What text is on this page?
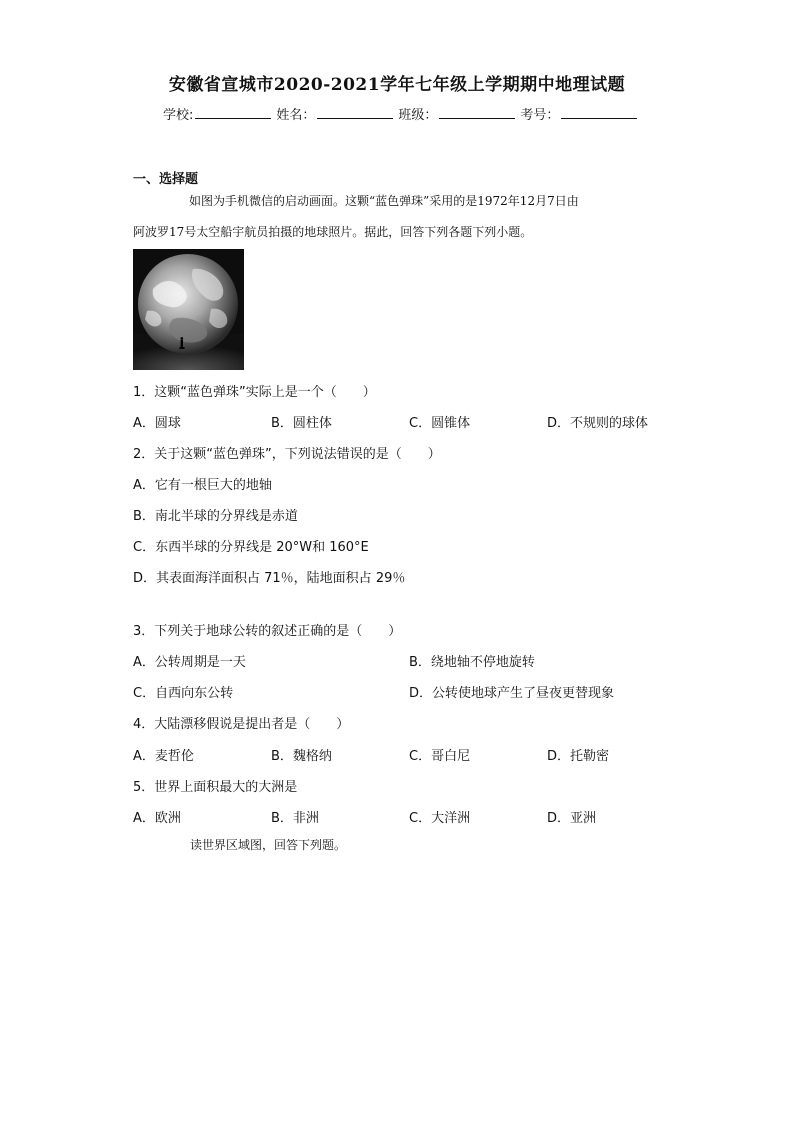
安徽省宣城市2020-2021学年七年级上学期期中地理试题
学校:	姓名：	班级：	考号：
一、选择题
如图为手机微信的启动画面。这颗“蓝色弹珠”采用的是1972年12月7日由
阿波罗17号太空船宇航员拍摄的地球照片。据此，回答下列各题下列小题。
1．这颗“蓝色弹珠”实际上是一个（　　）
A．圆球	B．圆柱体	C．圆锥体	D．不规则的球体
2．关于这颗“蓝色弹珠”，下列说法错误的是（　　）
A．它有一根巨大的地轴
B．南北半球的分界线是赤道
C．东西半球的分界线是 20°W和 160°E
D．其表面海洋面积占 71％，陆地面积占 29％
3．下列关于地球公转的叙述正确的是（　　）
A．公转周期是一天	B．绕地轴不停地旋转
C．自西向东公转	D．公转使地球产生了昼夜更替现象
4．大陆漂移假说是提出者是（　　）
A．麦哲伦	B．魏格纳	C．哥白尼	D．托勒密
5．世界上面积最大的大洲是
A．欧洲	B．非洲	C．大洋洲	D．亚洲
读世界区域图，回答下列题。
